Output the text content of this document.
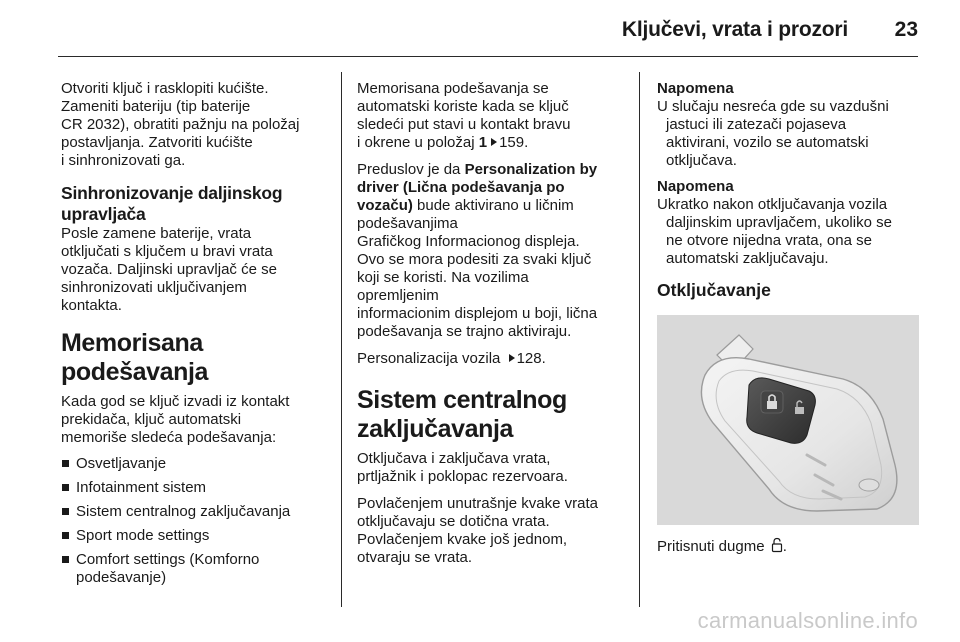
Ključevi, vrata i prozori 23

Otvoriti ključ i rasklopiti kućište.
Zameniti bateriju (tip baterije
CR 2032), obratiti pažnju na položaj
postavljanja. Zatvoriti kućište
i sinhronizovati ga.

Sinhronizovanje daljinskog
upravljača

Posle zamene baterije, vrata
otključati s ključem u bravi vrata
vozača. Daljinski upravljač će se
sinhronizovati uključivanjem
kontakta.

Memorisana podešavanja

Kada god se ključ izvadi iz kontakt
prekidača, ključ automatski
memoriše sledeća podešavanja:

Osvetljavanje
Infotainment sistem
Sistem centralnog zaključavanja
Sport mode settings
Comfort settings (Komforno
podešavanje)

Memorisana podešavanja se
automatski koriste kada se ključ
sledeći put stavi u kontakt bravu
i okrene u položaj 1 159.

Preduslov je da Personalization by
driver (Lična podešavanja po
vozaču) bude aktivirano u ličnim
podešavanjima
Grafičkog Informacionog displeja.
Ovo se mora podesiti za svaki ključ
koji se koristi. Na vozilima
opremljenim
informacionim displejom u boji, lična
podešavanja se trajno aktiviraju.

Personalizacija vozila 128.

Sistem centralnog
zaključavanja

Otključava i zaključava vrata,
prtljažnik i poklopac rezervoara.

Povlačenjem unutrašnje kvake vrata
otključavaju se dotična vrata.
Povlačenjem kvake još jednom,
otvaraju se vrata.

Napomena
U slučaju nesreća gde su vazdušni
jastuci ili zatezači pojaseva
aktivirani, vozilo se automatski
otključava.
Napomena
Ukratko nakon otključavanja vozila
daljinskim upravljačem, ukoliko se
ne otvore nijedna vrata, ona se
automatski zaključavaju.
Otključavanje

Pritisnuti dugme .

carmanualsonline.info
